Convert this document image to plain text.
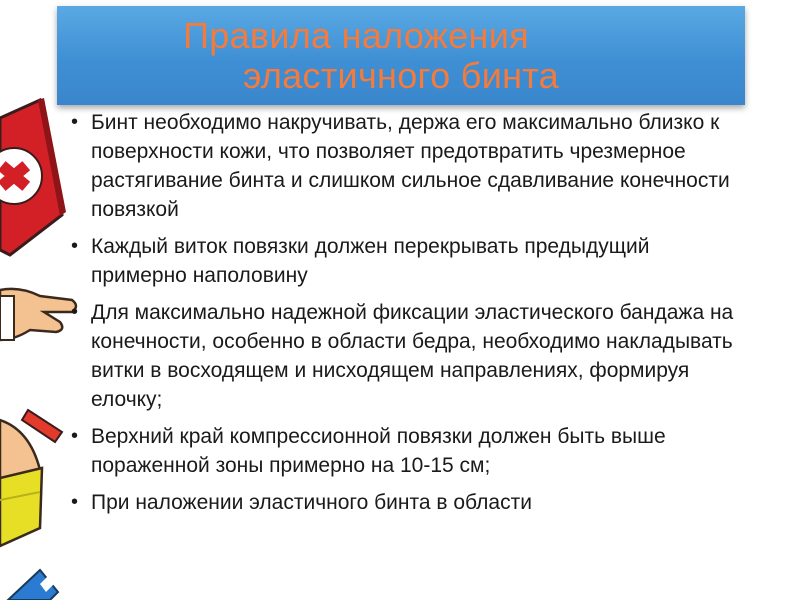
Правила наложения
эластичного бинта
• Бинт необходимо накручивать, держа его максимально близко к поверхности кожи, что позволяет предотвратить чрезмерное растягивание бинта и слишком сильное сдавливание конечности повязкой
• Каждый виток повязки должен перекрывать предыдущий примерно наполовину
• Для максимально надежной фиксации эластического бандажа на конечности, особенно в области бедра, необходимо накладывать витки в восходящем и нисходящем направлениях, формируя елочку;
• Верхний край компрессионной повязки должен быть выше пораженной зоны примерно на 10-15 см;
• При наложении эластичного бинта в области
